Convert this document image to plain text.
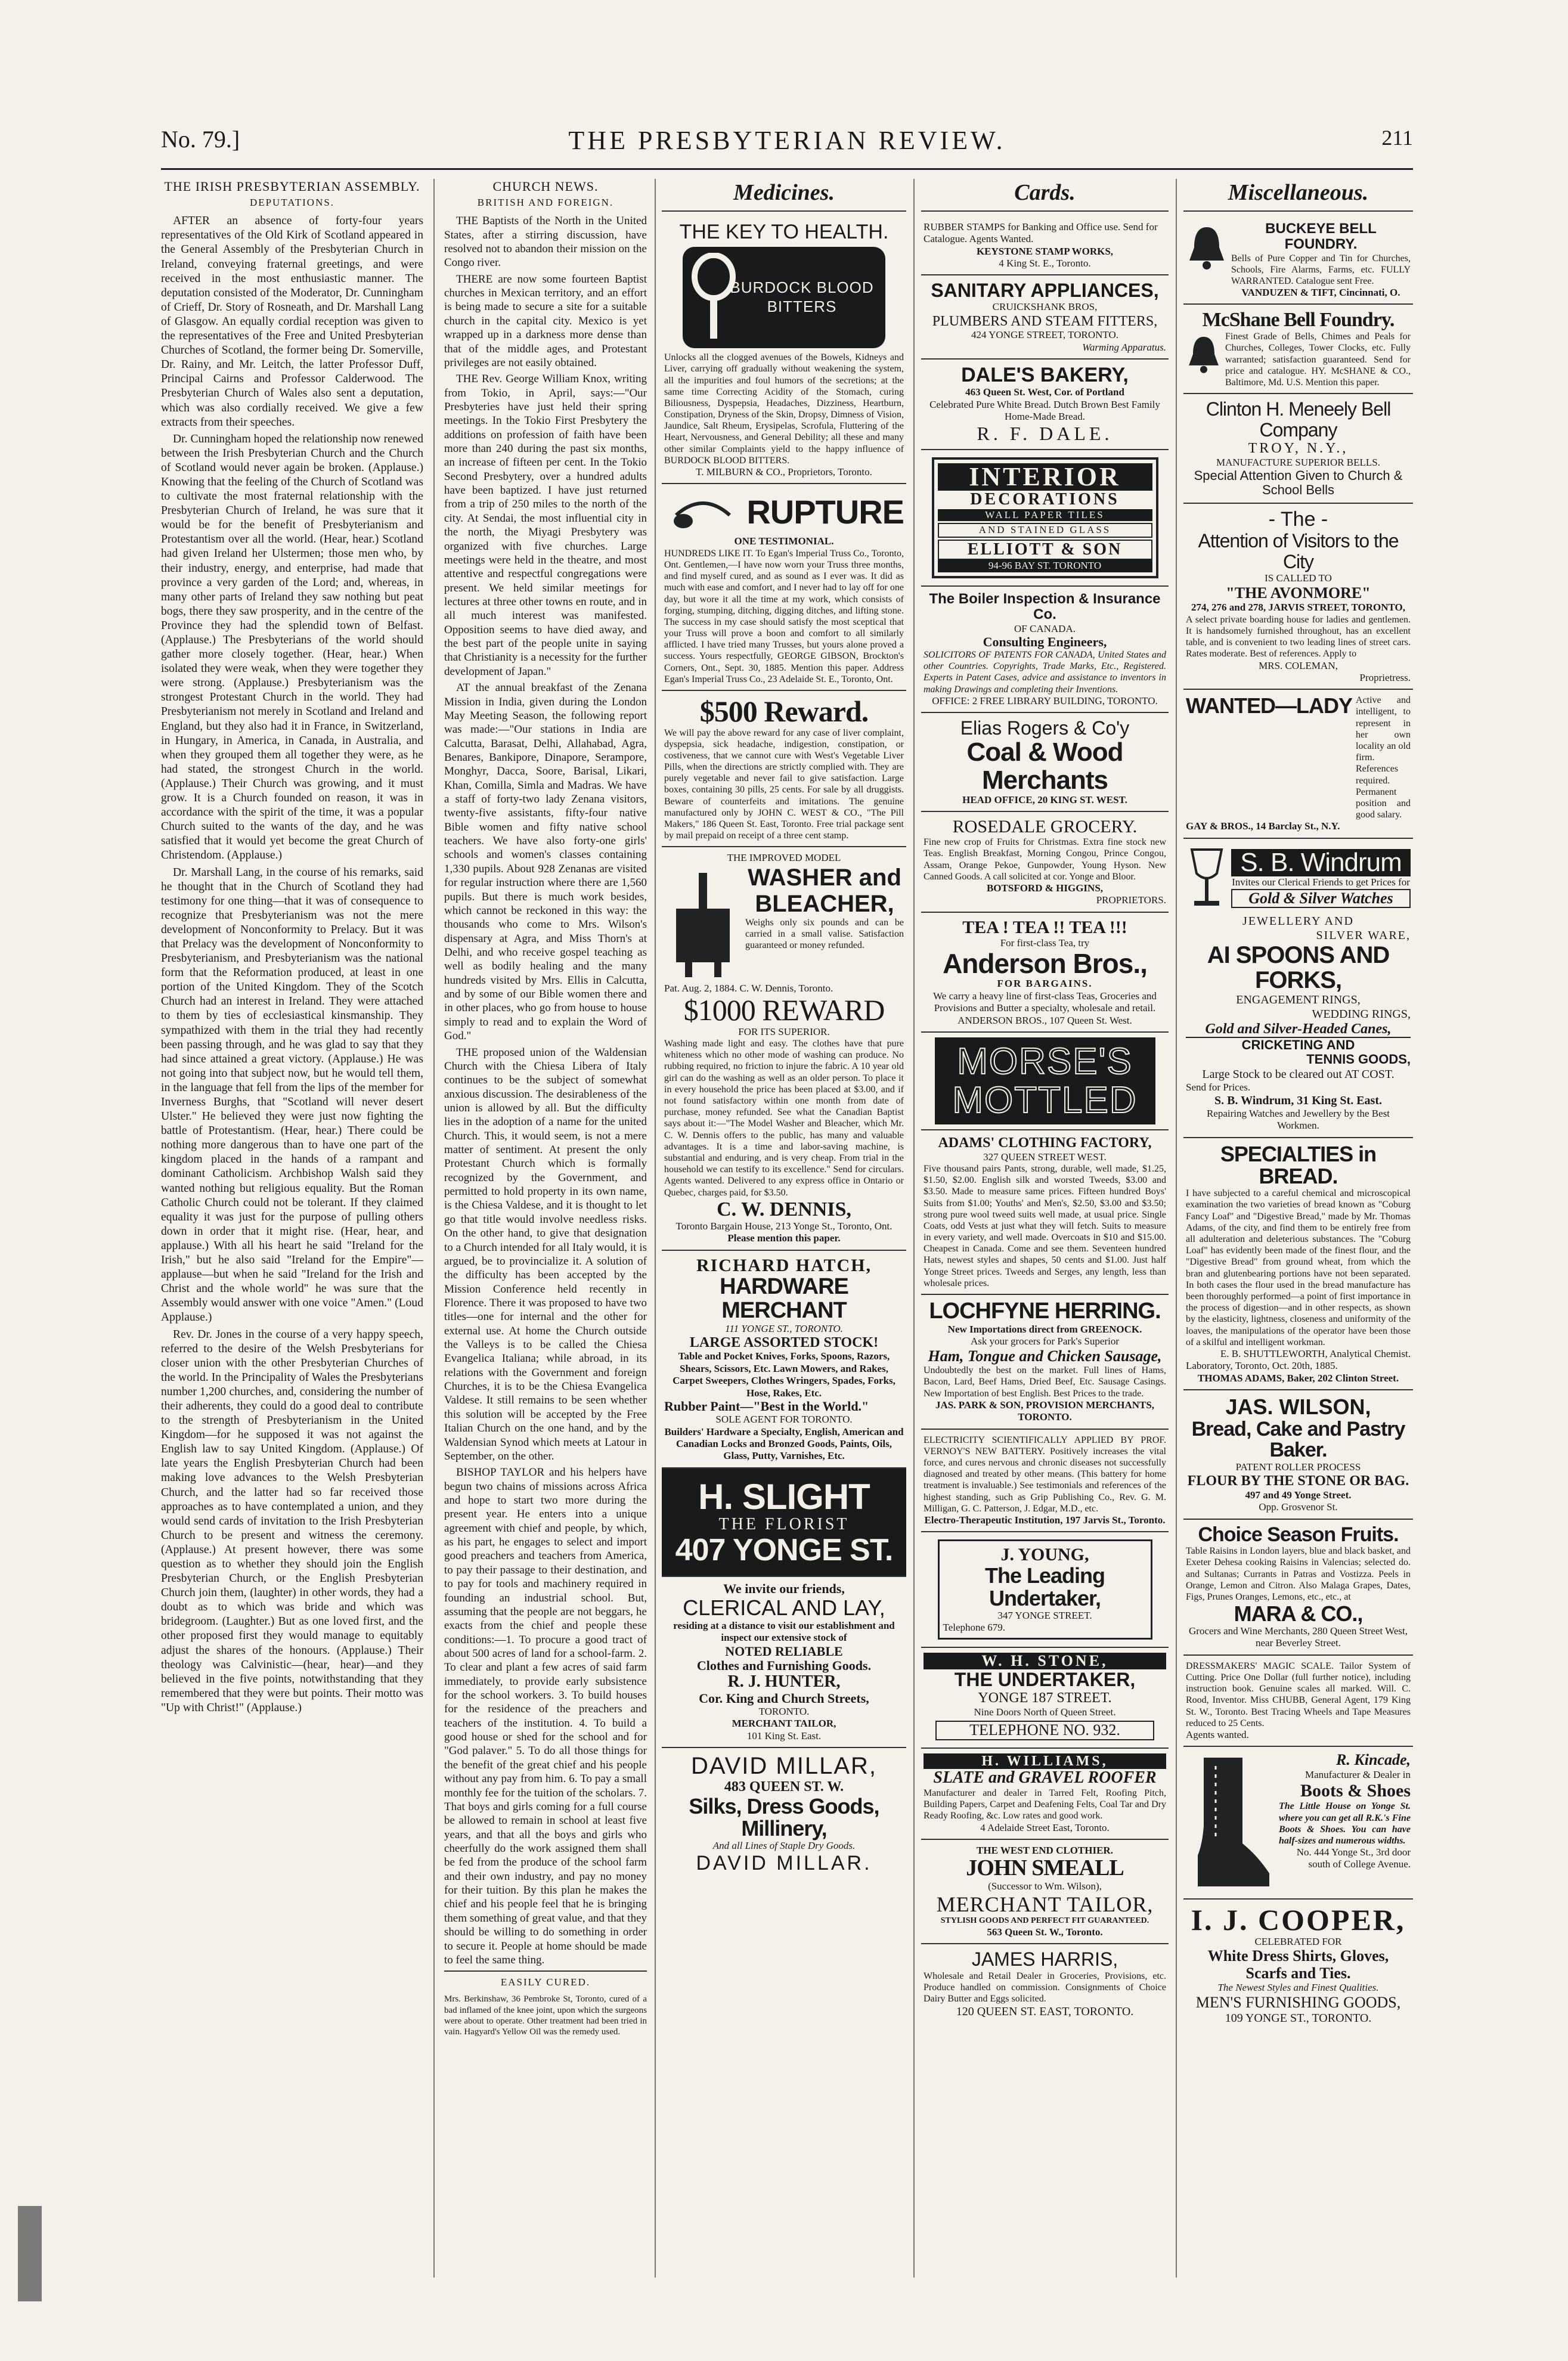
No. 79.]	THE PRESBYTERIAN REVIEW.	211
THE IRISH PRESBYTERIAN ASSEMBLY.
DEPUTATIONS.

AFTER an absence of forty-four years representatives of the Old Kirk of Scotland appeared in the General Assembly of the Presbyterian Church in Ireland, conveying fraternal greetings, and were received in the most enthusiastic manner. The deputation consisted of the Moderator, Dr. Cunningham of Crieff, Dr. Story of Rosneath, and Dr. Marshall Lang of Glasgow. An equally cordial reception was given to the representatives of the Free and United Presbyterian Churches of Scotland, the former being Dr. Somerville, Dr. Rainy, and Mr. Leitch, the latter Professor Duff, Principal Cairns and Professor Calderwood. The Presbyterian Church of Wales also sent a deputation, which was also cordially received. We give a few extracts from their speeches.

Dr. Cunningham hoped the relationship now renewed between the Irish Presbyterian Church and the Church of Scotland would never again be broken. (Applause.) Knowing that the feeling of the Church of Scotland was to cultivate the most fraternal relationship with the Presbyterian Church of Ireland, he was sure that it would be for the benefit of Presbyterianism and Protestantism over all the world. (Hear, hear.) Scotland had given Ireland her Ulstermen; those men who, by their industry, energy, and enterprise, had made that province a very garden of the Lord; and, whereas, in many other parts of Ireland they saw nothing but peat bogs, there they saw prosperity, and in the centre of the Province they had the splendid town of Belfast. (Applause.) The Presbyterians of the world should gather more closely together. (Hear, hear.) When isolated they were weak, when they were together they were strong. (Applause.) Presbyterianism was the strongest Protestant Church in the world. They had Presbyterianism not merely in Scotland and Ireland and England, but they also had it in France, in Switzerland, in Hungary, in America, in Canada, in Australia, and when they grouped them all together they were, as he had stated, the strongest Church in the world. (Applause.) Their Church was growing, and it must grow. It is a Church founded on reason, it was in accordance with the spirit of the time, it was a popular Church suited to the wants of the day, and he was satisfied that it would yet become the great Church of Christendom. (Applause.)

Dr. Marshall Lang, in the course of his remarks, said he thought that in the Church of Scotland they had testimony for one thing—that it was of consequence to recognize that Presbyterianism was not the mere development of Nonconformity to Prelacy. But it was that Prelacy was the development of Nonconformity to Presbyterianism, and Presbyterianism was the national form that the Reformation produced, at least in one portion of the United Kingdom. They of the Scotch Church had an interest in Ireland. They were attached to them by ties of ecclesiastical kinsmanship. They sympathized with them in the trial they had recently been passing through, and he was glad to say that they had since attained a great victory. (Applause.) He was not going into that subject now, but he would tell them, in the language that fell from the lips of the member for Inverness Burghs, that "Scotland will never desert Ulster." He believed they were just now fighting the battle of Protestantism. (Hear, hear.) There could be nothing more dangerous than to have one part of the kingdom placed in the hands of a rampant and dominant Catholicism. Archbishop Walsh said they wanted nothing but religious equality. But the Roman Catholic Church could not be tolerant. If they claimed equality it was just for the purpose of pulling others down in order that it might rise. (Hear, hear, and applause.) With all his heart he said "Ireland for the Irish," but he also said "Ireland for the Empire"—applause—but when he said "Ireland for the Irish and Christ and the whole world" he was sure that the Assembly would answer with one voice "Amen." (Loud Applause.)

Rev. Dr. Jones in the course of a very happy speech, referred to the desire of the Welsh Presbyterians for closer union with the other Presbyterian Churches of the world. In the Principality of Wales the Presbyterians number 1,200 churches, and, considering the number of their adherents, they could do a good deal to contribute to the strength of Presbyterianism in the United Kingdom—for he supposed it was not against the English law to say United Kingdom. (Applause.) Of late years the English Presbyterian Church had been making love advances to the Welsh Presbyterian Church, and the latter had so far received those approaches as to have contemplated a union, and they would send cards of invitation to the Irish Presbyterian Church to be present and witness the ceremony. (Applause.) At present however, there was some question as to whether they should join the English Presbyterian Church, or the English Presbyterian Church join them, (laughter) in other words, they had a doubt as to which was bride and which was bridegroom. (Laughter.) But as one loved first, and the other proposed first they would manage to equitably adjust the shares of the honours. (Applause.) Their theology was Calvinistic—(hear, hear)—and they believed in the five points, notwithstanding that they remembered that they were but points. Their motto was "Up with Christ!" (Applause.)

CHURCH NEWS.
BRITISH AND FOREIGN.

THE Baptists of the North in the United States, after a stirring discussion, have resolved not to abandon their mission on the Congo river.

THERE are now some fourteen Baptist churches in Mexican territory, and an effort is being made to secure a site for a suitable church in the capital city. Mexico is yet wrapped up in a darkness more dense than that of the middle ages, and Protestant privileges are not easily obtained.

THE Rev. George William Knox, writing from Tokio, in April, says:—"Our Presbyteries have just held their spring meetings. In the Tokio First Presbytery the additions on profession of faith have been more than 240 during the past six months, an increase of fifteen per cent. In the Tokio Second Presbytery, over a hundred adults have been baptized. I have just returned from a trip of 250 miles to the north of the city. At Sendai, the most influential city in the north, the Miyagi Presbytery was organized with five churches. Large meetings were held in the theatre, and most attentive and respectful congregations were present. We held similar meetings for lectures at three other towns en route, and in all much interest was manifested. Opposition seems to have died away, and the best part of the people unite in saying that Christianity is a necessity for the further development of Japan."

AT the annual breakfast of the Zenana Mission in India, given during the London May Meeting Season, the following report was made:—"Our stations in India are Calcutta, Barasat, Delhi, Allahabad, Agra, Benares, Bankipore, Dinapore, Serampore, Monghyr, Dacca, Soore, Barisal, Likari, Khan, Comilla, Simla and Madras. We have a staff of forty-two lady Zenana visitors, twenty-five assistants, fifty-four native Bible women and fifty native school teachers. We have also forty-one girls' schools and women's classes containing 1,330 pupils. About 928 Zenanas are visited for regular instruction where there are 1,560 pupils. But there is much work besides, which cannot be reckoned in this way: the thousands who come to Mrs. Wilson's dispensary at Agra, and Miss Thorn's at Delhi, and who receive gospel teaching as well as bodily healing and the many hundreds visited by Mrs. Ellis in Calcutta, and by some of our Bible women there and in other places, who go from house to house simply to read and to explain the Word of God."

THE proposed union of the Waldensian Church with the Chiesa Libera of Italy continues to be the subject of somewhat anxious discussion. The desirableness of the union is allowed by all. But the difficulty lies in the adoption of a name for the united Church. This, it would seem, is not a mere matter of sentiment. At present the only Protestant Church which is formally recognized by the Government, and permitted to hold property in its own name, is the Chiesa Valdese, and it is thought to let go that title would involve needless risks. On the other hand, to give that designation to a Church intended for all Italy would, it is argued, be to provincialize it. A solution of the difficulty has been accepted by the Mission Conference held recently in Florence. There it was proposed to have two titles—one for internal and the other for external use. At home the Church outside the Valleys is to be called the Chiesa Evangelica Italiana; while abroad, in its relations with the Government and foreign Churches, it is to be the Chiesa Evangelica Valdese. It still remains to be seen whether this solution will be accepted by the Free Italian Church on the one hand, and by the Waldensian Synod which meets at Latour in September, on the other.

BISHOP TAYLOR and his helpers have begun two chains of missions across Africa and hope to start two more during the present year. He enters into a unique agreement with chief and people, by which, as his part, he engages to select and import good preachers and teachers from America, to pay their passage to their destination, and to pay for tools and machinery required in founding an industrial school. But, assuming that the people are not beggars, he exacts from the chief and people these conditions:—1. To procure a good tract of about 500 acres of land for a school-farm. 2. To clear and plant a few acres of said farm immediately, to provide early subsistence for the school workers. 3. To build houses for the residence of the preachers and teachers of the institution. 4. To build a good house or shed for the school and for "God palaver." 5. To do all those things for the benefit of the great chief and his people without any pay from him. 6. To pay a small monthly fee for the tuition of the scholars. 7. That boys and girls coming for a full course be allowed to remain in school at least five years, and that all the boys and girls who cheerfully do the work assigned them shall be fed from the produce of the school farm and their own industry, and pay no money for their tuition. By this plan he makes the chief and his people feel that he is bringing them something of great value, and that they should be willing to do something in order to secure it. People at home should be made to feel the same thing.

EASILY CURED.

Mrs. Berkinshaw, 36 Pembroke St, Toronto, cured of a bad inflamed of the knee joint, upon which the surgeons were about to operate. Other treatment had been tried in vain. Hagyard's Yellow Oil was the remedy used.

Medicines.
THE KEY TO HEALTH.
BURDOCK BLOOD BITTERS
Unlocks all the clogged avenues of the Bowels, Kidneys and Liver, carrying off gradually without weakening the system, all the impurities and foul humors of the secretions; at the same time Correcting Acidity of the Stomach, curing Biliousness, Dyspepsia, Headaches, Dizziness, Heartburn, Constipation, Dryness of the Skin, Dropsy, Dimness of Vision, Jaundice, Salt Rheum, Erysipelas, Scrofula, Fluttering of the Heart, Nervousness, and General Debility; all these and many other similar Complaints yield to the happy influence of BURDOCK BLOOD BITTERS.
T. MILBURN & CO., Proprietors, Toronto.
RUPTURE
ONE TESTIMONIAL.
HUNDREDS LIKE IT. To Egan's Imperial Truss Co., Toronto, Ont. Gentlemen,—I have now worn your Truss three months, and find myself cured, and as sound as I ever was. It did as much with ease and comfort, and I never had to lay off for one day, but wore it all the time at my work, which consists of forging, stumping, ditching, digging ditches, and lifting stone. The success in my case should satisfy the most sceptical that your Truss will prove a boon and comfort to all similarly afflicted. I have tried many Trusses, but yours alone proved a success. Yours respectfully, GEORGE GIBSON, Brockton's Corners, Ont., Sept. 30, 1885. Mention this paper. Address Egan's Imperial Truss Co., 23 Adelaide St. E., Toronto, Ont.
$500 Reward.
We will pay the above reward for any case of liver complaint, dyspepsia, sick headache, indigestion, constipation, or costiveness, that we cannot cure with West's Vegetable Liver Pills, when the directions are strictly complied with. They are purely vegetable and never fail to give satisfaction. Large boxes, containing 30 pills, 25 cents. For sale by all druggists. Beware of counterfeits and imitations. The genuine manufactured only by JOHN C. WEST & CO., "The Pill Makers," 186 Queen St. East, Toronto. Free trial package sent by mail prepaid on receipt of a three cent stamp.
THE IMPROVED MODEL
WASHER and
BLEACHER,
Weighs only six pounds and can be carried in a small valise. Satisfaction guaranteed or money refunded.
Pat. Aug. 2, 1884. C. W. Dennis, Toronto.
$1000 REWARD
FOR ITS SUPERIOR.
Washing made light and easy. The clothes have that pure whiteness which no other mode of washing can produce. No rubbing required, no friction to injure the fabric. A 10 year old girl can do the washing as well as an older person. To place it in every household the price has been placed at $3.00, and if not found satisfactory within one month from date of purchase, money refunded. See what the Canadian Baptist says about it:—"The Model Washer and Bleacher, which Mr. C. W. Dennis offers to the public, has many and valuable advantages. It is a time and labor-saving machine, is substantial and enduring, and is very cheap. From trial in the household we can testify to its excellence." Send for circulars. Agents wanted. Delivered to any express office in Ontario or Quebec, charges paid, for $3.50.
C. W. DENNIS,
Toronto Bargain House, 213 Yonge St., Toronto, Ont.
Please mention this paper.
RICHARD HATCH,
HARDWARE MERCHANT
111 YONGE ST., TORONTO.
LARGE ASSORTED STOCK!
Table and Pocket Knives, Forks, Spoons, Razors, Shears, Scissors, Etc. Lawn Mowers, and Rakes, Carpet Sweepers, Clothes Wringers, Spades, Forks, Hose, Rakes, Etc.
Rubber Paint—"Best in the World."
SOLE AGENT FOR TORONTO.
Builders' Hardware a Specialty, English, American and Canadian Locks and Bronzed Goods, Paints, Oils, Glass, Putty, Varnishes, Etc.
H. SLIGHT
THE FLORIST
407 YONGE ST.
We invite our friends,
CLERICAL AND LAY,
residing at a distance to visit our establishment and inspect our extensive stock of
NOTED RELIABLE
Clothes and Furnishing Goods.
R. J. HUNTER,
Cor. King and Church Streets,
TORONTO.
MERCHANT TAILOR,
101 King St. East.
DAVID MILLAR,
483 QUEEN ST. W.
Silks, Dress Goods, Millinery,
And all Lines of Staple Dry Goods.
DAVID MILLAR.
Cards.
RUBBER STAMPS for Banking and Office use. Send for Catalogue. Agents Wanted.
KEYSTONE STAMP WORKS,
4 King St. E., Toronto.
SANITARY APPLIANCES,
CRUICKSHANK BROS,
PLUMBERS AND STEAM FITTERS,
424 YONGE STREET, TORONTO.
Warming Apparatus.
DALE'S BAKERY,
463 Queen St. West, Cor. of Portland
Celebrated Pure White Bread. Dutch Brown Best Family Home-Made Bread.
R. F. DALE.
INTERIOR
DECORATIONS
WALL PAPER TILES
AND STAINED GLASS
ELLIOTT & SON
94-96 BAY ST. TORONTO
The Boiler Inspection & Insurance Co.
OF CANADA.
Consulting Engineers,
SOLICITORS OF PATENTS FOR CANADA, United States and other Countries. Copyrights, Trade Marks, Etc., Registered. Experts in Patent Cases, advice and assistance to inventors in making Drawings and completing their Inventions.
OFFICE: 2 FREE LIBRARY BUILDING, TORONTO.
Elias Rogers & Co'y
Coal & Wood Merchants
HEAD OFFICE, 20 KING ST. WEST.
ROSEDALE GROCERY.
Fine new crop of Fruits for Christmas. Extra fine stock new Teas. English Breakfast, Morning Congou, Prince Congou, Assam, Orange Pekoe, Gunpowder, Young Hyson. New Canned Goods. A call solicited at cor. Yonge and Bloor.
BOTSFORD & HIGGINS,
PROPRIETORS.
TEA ! TEA !! TEA !!!
For first-class Tea, try
Anderson Bros.,
FOR BARGAINS.
We carry a heavy line of first-class Teas, Groceries and Provisions and Butter a specialty, wholesale and retail.
ANDERSON BROS., 107 Queen St. West.
MORSE'S
MOTTLED
ADAMS' CLOTHING FACTORY,
327 QUEEN STREET WEST.
Five thousand pairs Pants, strong, durable, well made, $1.25, $1.50, $2.00. English silk and worsted Tweeds, $3.00 and $3.50. Made to measure same prices. Fifteen hundred Boys' Suits from $1.00; Youths' and Men's, $2.50, $3.00 and $3.50; strong pure wool tweed suits well made, at usual price. Single Coats, odd Vests at just what they will fetch. Suits to measure in every variety, and well made. Overcoats in $10 and $15.00. Cheapest in Canada. Come and see them. Seventeen hundred Hats, newest styles and shapes, 50 cents and $1.00. Just half Yonge Street prices. Tweeds and Serges, any length, less than wholesale prices.
LOCHFYNE HERRING.
New Importations direct from GREENOCK.
Ask your grocers for Park's Superior
Ham, Tongue and Chicken Sausage,
Undoubtedly the best on the market. Full lines of Hams, Bacon, Lard, Beef Hams, Dried Beef, Etc. Sausage Casings. New Importation of best English. Best Prices to the trade.
JAS. PARK & SON, PROVISION MERCHANTS, TORONTO.
ELECTRICITY SCIENTIFICALLY APPLIED BY PROF. VERNOY'S NEW BATTERY. Positively increases the vital force, and cures nervous and chronic diseases not successfully diagnosed and treated by other means. (This battery for home treatment is invaluable.) See testimonials and references of the highest standing, such as Grip Publishing Co., Rev. G. M. Milligan, G. C. Patterson, J. Edgar, M.D., etc.
Electro-Therapeutic Institution, 197 Jarvis St., Toronto.
J. YOUNG,
The Leading Undertaker,
347 YONGE STREET.
Telephone 679.
W. H. STONE,
THE UNDERTAKER,
YONGE 187 STREET.
Nine Doors North of Queen Street.
TELEPHONE NO. 932.
H. WILLIAMS,
SLATE and GRAVEL ROOFER
Manufacturer and dealer in Tarred Felt, Roofing Pitch, Building Papers, Carpet and Deafening Felts, Coal Tar and Dry Ready Roofing, &c. Low rates and good work.
4 Adelaide Street East, Toronto.
THE WEST END CLOTHIER.
JOHN SMEALL
(Successor to Wm. Wilson),
MERCHANT TAILOR,
STYLISH GOODS AND PERFECT FIT GUARANTEED.
563 Queen St. W., Toronto.
JAMES HARRIS,
Wholesale and Retail Dealer in Groceries, Provisions, etc. Produce handled on commission. Consignments of Choice Dairy Butter and Eggs solicited.
120 QUEEN ST. EAST, TORONTO.
Miscellaneous.
BUCKEYE BELL FOUNDRY.
Bells of Pure Copper and Tin for Churches, Schools, Fire Alarms, Farms, etc. FULLY WARRANTED. Catalogue sent Free.
VANDUZEN & TIFT, Cincinnati, O.
McShane Bell Foundry.
Finest Grade of Bells, Chimes and Peals for Churches, Colleges, Tower Clocks, etc. Fully warranted; satisfaction guaranteed. Send for price and catalogue. HY. McSHANE & CO., Baltimore, Md. U.S. Mention this paper.
Clinton H. Meneely Bell Company
TROY, N.Y.,
MANUFACTURE SUPERIOR BELLS.
Special Attention Given to Church & School Bells
- The -
Attention of Visitors to the City
IS CALLED TO
"THE AVONMORE"
274, 276 and 278, JARVIS STREET, TORONTO,
A select private boarding house for ladies and gentlemen. It is handsomely furnished throughout, has an excellent table, and is convenient to two leading lines of street cars. Rates moderate. Best of references. Apply to
MRS. COLEMAN,
Proprietress.
WANTED—LADY Active and intelligent, to represent in her own locality an old firm. References required. Permanent position and good salary.
GAY & BROS., 14 Barclay St., N.Y.
S. B. Windrum
Invites our Clerical Friends to get Prices for
Gold & Silver Watches
JEWELLERY AND
SILVER WARE,
AI SPOONS AND FORKS,
ENGAGEMENT RINGS,
WEDDING RINGS,
Gold and Silver-Headed Canes,
CRICKETING AND
TENNIS GOODS,
Large Stock to be cleared out AT COST.
Send for Prices.
S. B. Windrum, 31 King St. East.
Repairing Watches and Jewellery by the Best Workmen.
SPECIALTIES in BREAD.
I have subjected to a careful chemical and microscopical examination the two varieties of bread known as "Coburg Fancy Loaf" and "Digestive Bread," made by Mr. Thomas Adams, of the city, and find them to be entirely free from all adulteration and deleterious substances. The "Coburg Loaf" has evidently been made of the finest flour, and the "Digestive Bread" from ground wheat, from which the bran and glutenbearing portions have not been separated. In both cases the flour used in the bread manufacture has been thoroughly performed—a point of first importance in the process of digestion—and in other respects, as shown by the elasticity, lightness, closeness and uniformity of the loaves, the manipulations of the operator have been those of a skilful and intelligent workman.
E. B. SHUTTLEWORTH, Analytical Chemist.
Laboratory, Toronto, Oct. 20th, 1885.
THOMAS ADAMS, Baker, 202 Clinton Street.
JAS. WILSON,
Bread, Cake and Pastry Baker.
PATENT ROLLER PROCESS
FLOUR BY THE STONE OR BAG.
497 and 49 Yonge Street.
Opp. Grosvenor St.
Choice Season Fruits.
Table Raisins in London layers, blue and black basket, and Exeter Dehesa cooking Raisins in Valencias; selected do. and Sultanas; Currants in Patras and Vostizza. Peels in Orange, Lemon and Citron. Also Malaga Grapes, Dates, Figs, Prunes Oranges, Lemons, etc., etc., at
MARA & CO.,
Grocers and Wine Merchants, 280 Queen Street West, near Beverley Street.
DRESSMAKERS' MAGIC SCALE. Tailor System of Cutting. Price One Dollar (full further notice), including instruction book. Genuine scales all marked. Will. C. Rood, Inventor. Miss CHUBB, General Agent, 179 King St. W., Toronto. Best Tracing Wheels and Tape Measures reduced to 25 Cents.
Agents wanted.
R. Kincade,
Manufacturer & Dealer in
Boots & Shoes
The Little House on Yonge St. where you can get all R.K.'s Fine Boots & Shoes. You can have half-sizes and numerous widths.
No. 444 Yonge St., 3rd door south of College Avenue.
I. J. COOPER,
CELEBRATED FOR
White Dress Shirts, Gloves, Scarfs and Ties.
The Newest Styles and Finest Qualities.
MEN'S FURNISHING GOODS,
109 YONGE ST., TORONTO.
